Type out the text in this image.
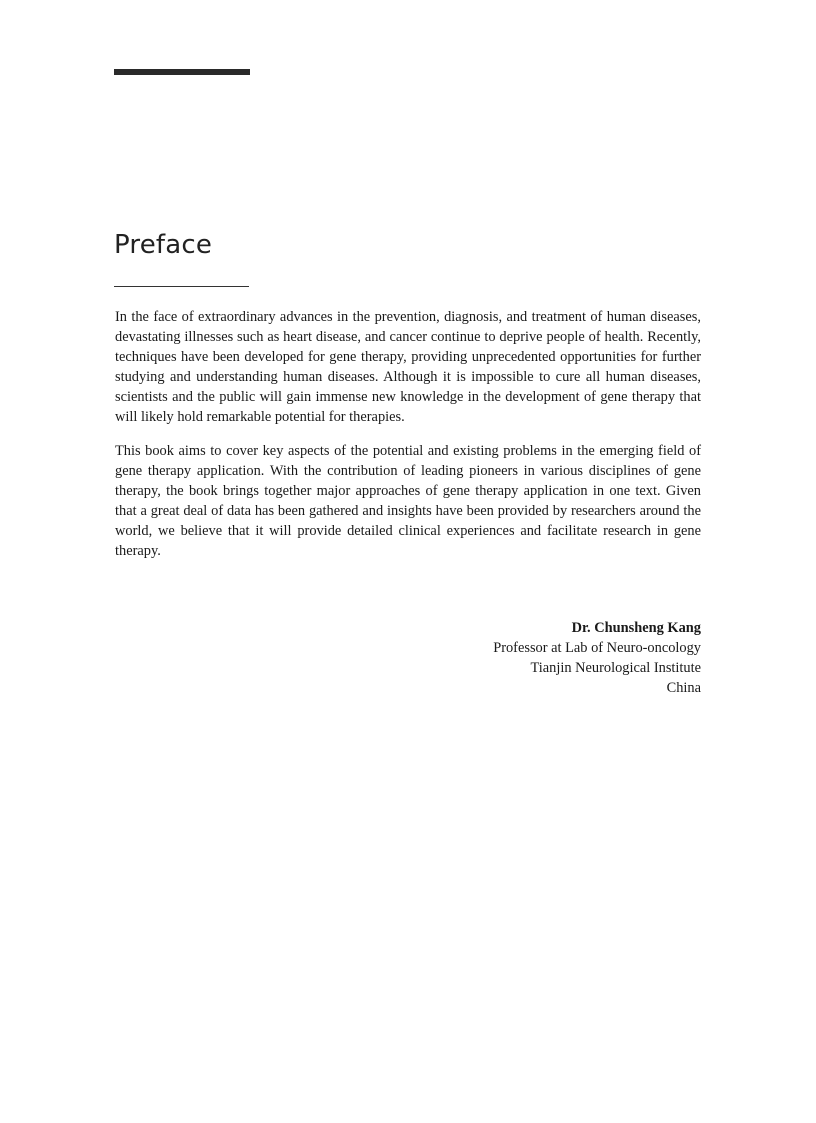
Preface

In the face of extraordinary advances in the prevention, diagnosis, and treatment of human diseases, devastating illnesses such as heart disease, and cancer continue to deprive people of health. Recently, techniques have been developed for gene therapy, providing unprecedented opportunities for further studying and understanding human diseases. Although it is impossible to cure all human diseases, scientists and the public will gain immense new knowledge in the development of gene therapy that will likely hold remarkable potential for therapies.

This book aims to cover key aspects of the potential and existing problems in the emerging field of gene therapy application. With the contribution of leading pioneers in various disciplines of gene therapy, the book brings together major approaches of gene therapy application in one text. Given that a great deal of data has been gathered and insights have been provided by researchers around the world, we believe that it will provide detailed clinical experiences and facilitate research in gene therapy.

Dr. Chunsheng Kang
Professor at Lab of Neuro-oncology
Tianjin Neurological Institute
China
